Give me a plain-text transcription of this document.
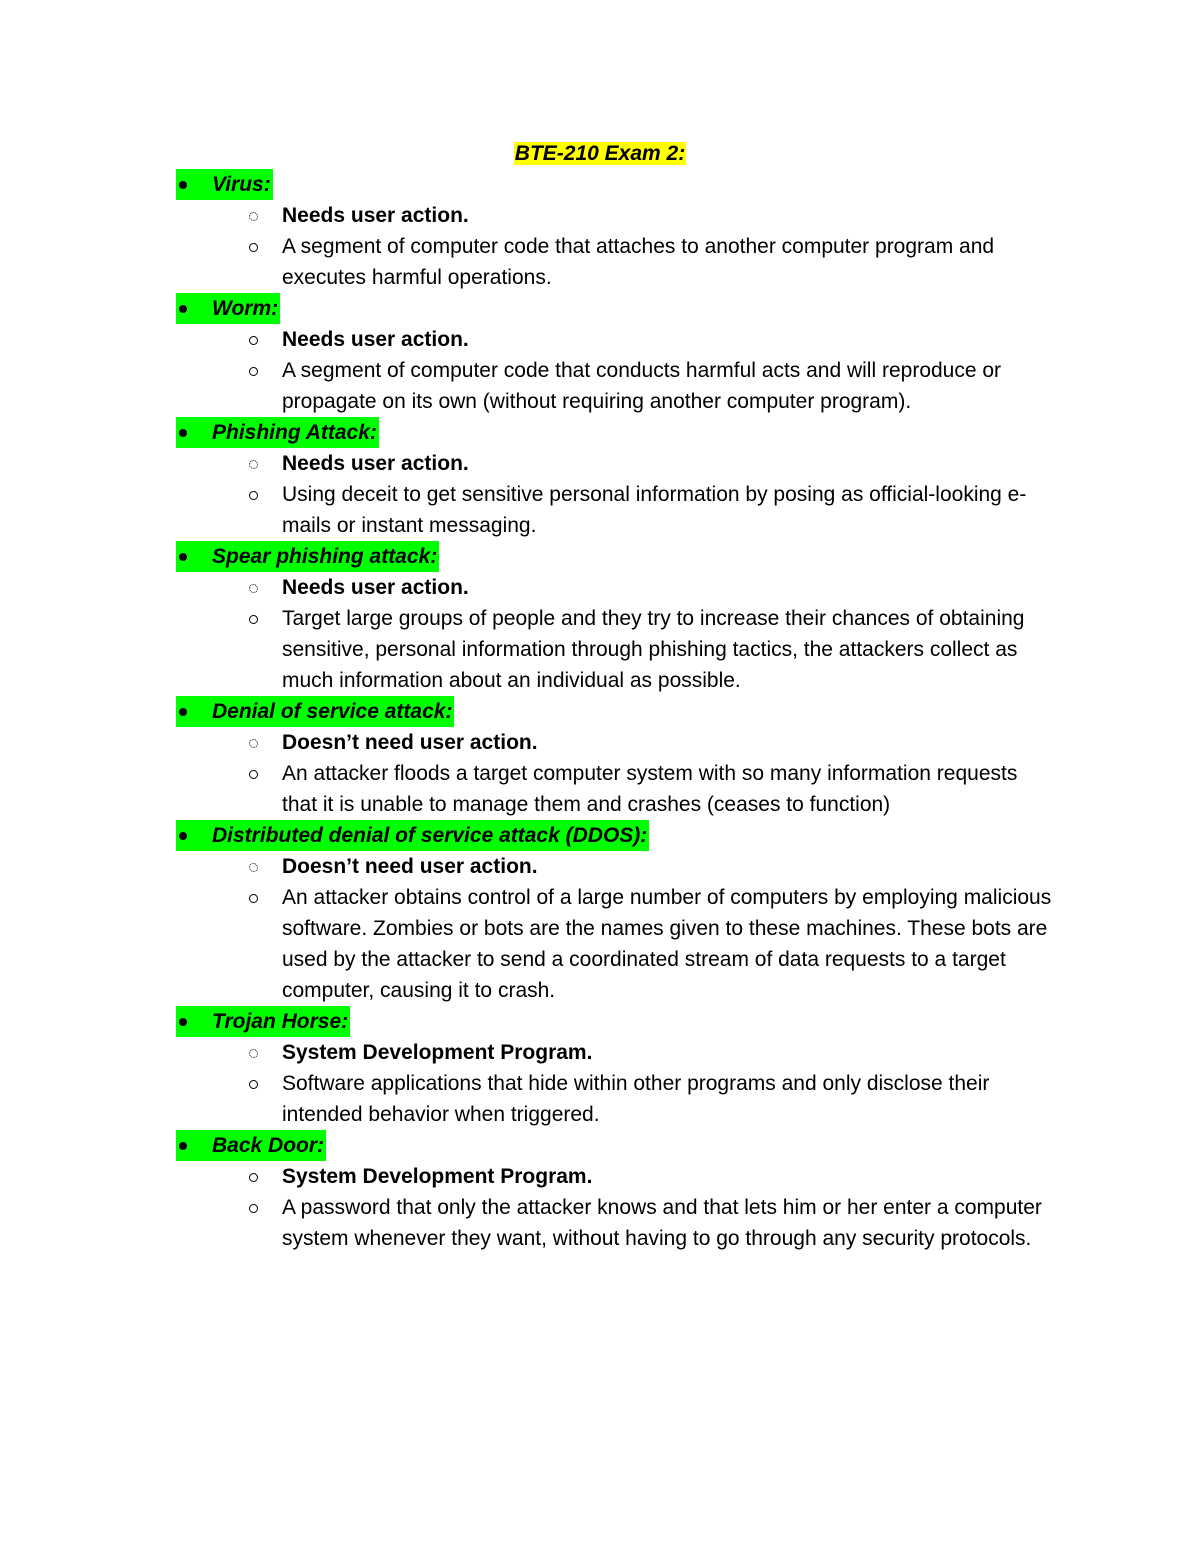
BTE-210 Exam 2:
Virus:
Needs user action.
A segment of computer code that attaches to another computer program and executes harmful operations.
Worm:
Needs user action.
A segment of computer code that conducts harmful acts and will reproduce or propagate on its own (without requiring another computer program).
Phishing Attack:
Needs user action.
Using deceit to get sensitive personal information by posing as official-looking e-mails or instant messaging.
Spear phishing attack:
Needs user action.
Target large groups of people and they try to increase their chances of obtaining sensitive, personal information through phishing tactics, the attackers collect as much information about an individual as possible.
Denial of service attack:
Doesn’t need user action.
An attacker floods a target computer system with so many information requests that it is unable to manage them and crashes (ceases to function)
Distributed denial of service attack (DDOS):
Doesn’t need user action.
An attacker obtains control of a large number of computers by employing malicious software. Zombies or bots are the names given to these machines. These bots are used by the attacker to send a coordinated stream of data requests to a target computer, causing it to crash.
Trojan Horse:
System Development Program.
Software applications that hide within other programs and only disclose their intended behavior when triggered.
Back Door:
System Development Program.
A password that only the attacker knows and that lets him or her enter a computer system whenever they want, without having to go through any security protocols.
